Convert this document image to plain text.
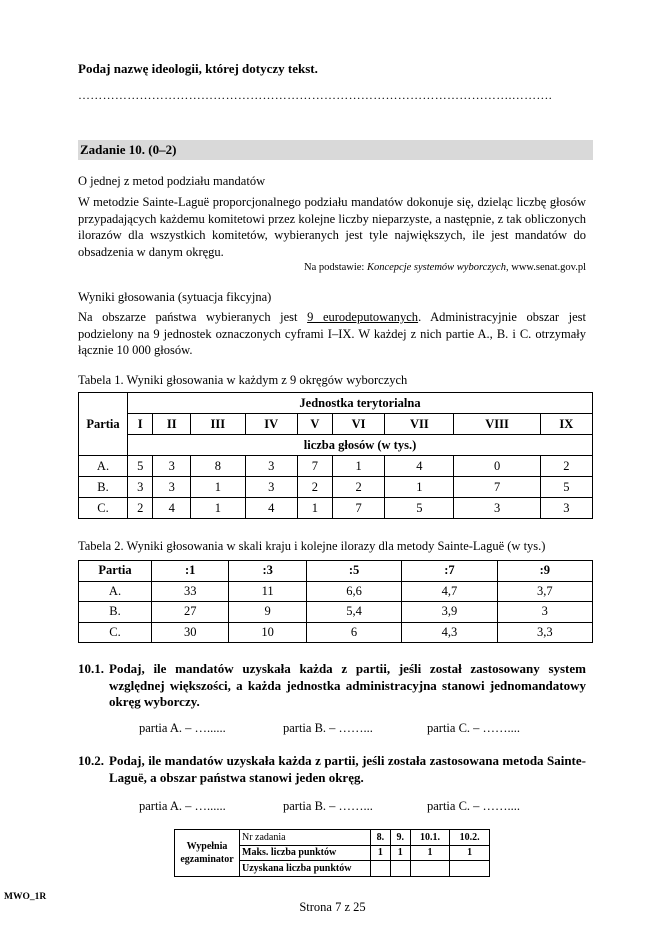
Podaj nazwę ideologii, której dotyczy tekst.
…………………………………………………………………………………………….……….
Zadanie 10. (0–2)
O jednej z metod podziału mandatów
W metodzie Sainte-Laguë proporcjonalnego podziału mandatów dokonuje się, dzieląc liczbę głosów przypadających każdemu komitetowi przez kolejne liczby nieparzyste, a następnie, z tak obliczonych ilorazów dla wszystkich komitetów, wybieranych jest tyle największych, ile jest mandatów do obsadzenia w danym okręgu.
Na podstawie: Koncepcje systemów wyborczych, www.senat.gov.pl
Wyniki głosowania (sytuacja fikcyjna)
Na obszarze państwa wybieranych jest 9 eurodeputowanych. Administracyjnie obszar jest podzielony na 9 jednostek oznaczonych cyframi I–IX. W każdej z nich partie A., B. i C. otrzymały łącznie 10 000 głosów.
Tabela 1. Wyniki głosowania w każdym z 9 okręgów wyborczych
Partia	Jednostka terytorialna								
	I	II	III	IV	V	VI	VII	VIII	IX
	liczba głosów (w tys.)								
A.	5	3	8	3	7	1	4	0	2
B.	3	3	1	3	2	2	1	7	5
C.	2	4	1	4	1	7	5	3	3
Tabela 2. Wyniki głosowania w skali kraju i kolejne ilorazy dla metody Sainte-Laguë (w tys.)
Partia	:1	:3	:5	:7	:9
A.	33	11	6,6	4,7	3,7
B.	27	9	5,4	3,9	3
C.	30	10	6	4,3	3,3
10.1. Podaj, ile mandatów uzyskała każda z partii, jeśli został zastosowany system względnej większości, a każda jednostka administracyjna stanowi jednomandatowy okręg wyborczy.
partia A. – …......	partia B. – ……...	partia C. – ……....
10.2. Podaj, ile mandatów uzyskała każda z partii, jeśli została zastosowana metoda Sainte-Laguë, a obszar państwa stanowi jeden okręg.
partia A. – …......	partia B. – ……...	partia C. – ……....
Wypełnia egzaminator	Nr zadania	8.	9.	10.1.	10.2.
	Maks. liczba punktów	1	1	1	1
	Uzyskana liczba punktów				
MWO_1R
Strona 7 z 25
